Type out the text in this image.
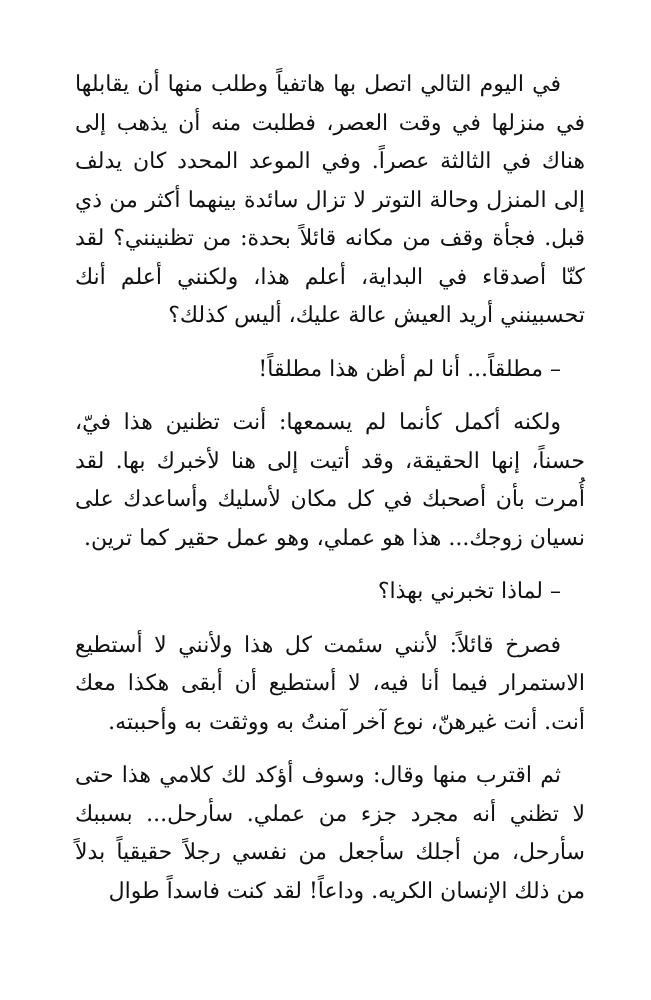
في اليوم التالي اتصل بها هاتفياً وطلب منها أن يقابلها في منزلها في وقت العصر، فطلبت منه أن يذهب إلى هناك في الثالثة عصراً. وفي الموعد المحدد كان يدلف إلى المنزل وحالة التوتر لا تزال سائدة بينهما أكثر من ذي قبل. فجأة وقف من مكانه قائلاً بحدة: من تظنينني؟ لقد كنّا أصدقاء في البداية، أعلم هذا، ولكنني أعلم أنك تحسبينني أريد العيش عالة عليك، أليس كذلك؟

– مطلقاً... أنا لم أظن هذا مطلقاً!

ولكنه أكمل كأنما لم يسمعها: أنت تظنين هذا فيّ، حسناً، إنها الحقيقة، وقد أتيت إلى هنا لأخبرك بها. لقد أُمرت بأن أصحبك في كل مكان لأسليك وأساعدك على نسيان زوجك... هذا هو عملي، وهو عمل حقير كما ترين.

– لماذا تخبرني بهذا؟

فصرخ قائلاً: لأنني سئمت كل هذا ولأنني لا أستطيع الاستمرار فيما أنا فيه، لا أستطيع أن أبقى هكذا معك أنت. أنت غيرهنّ، نوع آخر آمنتُ به ووثقت به وأحببته.

ثم اقترب منها وقال: وسوف أؤكد لك كلامي هذا حتى لا تظني أنه مجرد جزء من عملي. سأرحل... بسببك سأرحل، من أجلك سأجعل من نفسي رجلاً حقيقياً بدلاً من ذلك الإنسان الكريه. وداعاً! لقد كنت فاسداً طوال
